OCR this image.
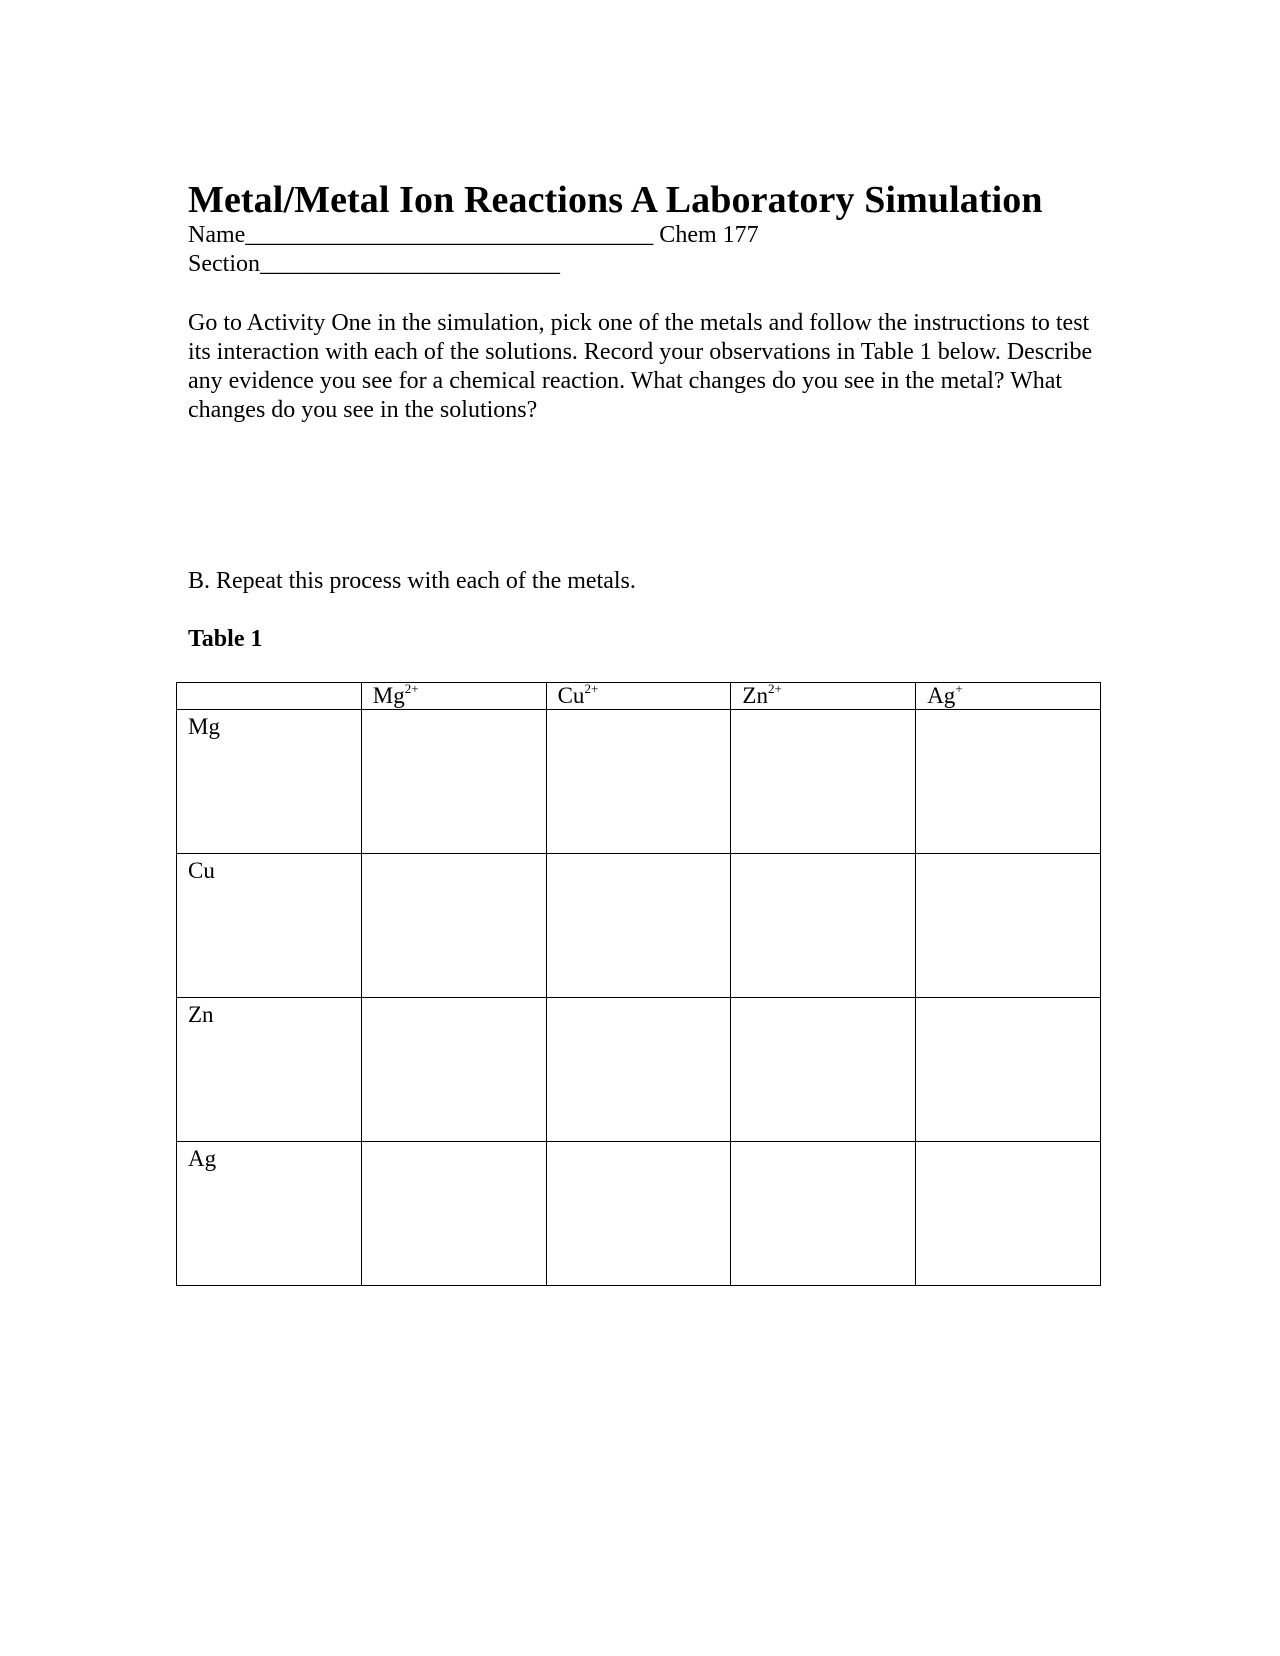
Metal/Metal Ion Reactions A Laboratory Simulation
Name__________________________________ Chem 177
Section_________________________
Go to Activity One in the simulation, pick one of the metals and follow the instructions to test its interaction with each of the solutions. Record your observations in Table 1 below. Describe any evidence you see for a chemical reaction. What changes do you see in the metal? What changes do you see in the solutions?
B. Repeat this process with each of the metals.
Table 1
	$Mg^{2+}$	$Cu^{2+}$	$Zn^{2+}$	Ag+
Mg				
Cu				
Zn				
Ag				
